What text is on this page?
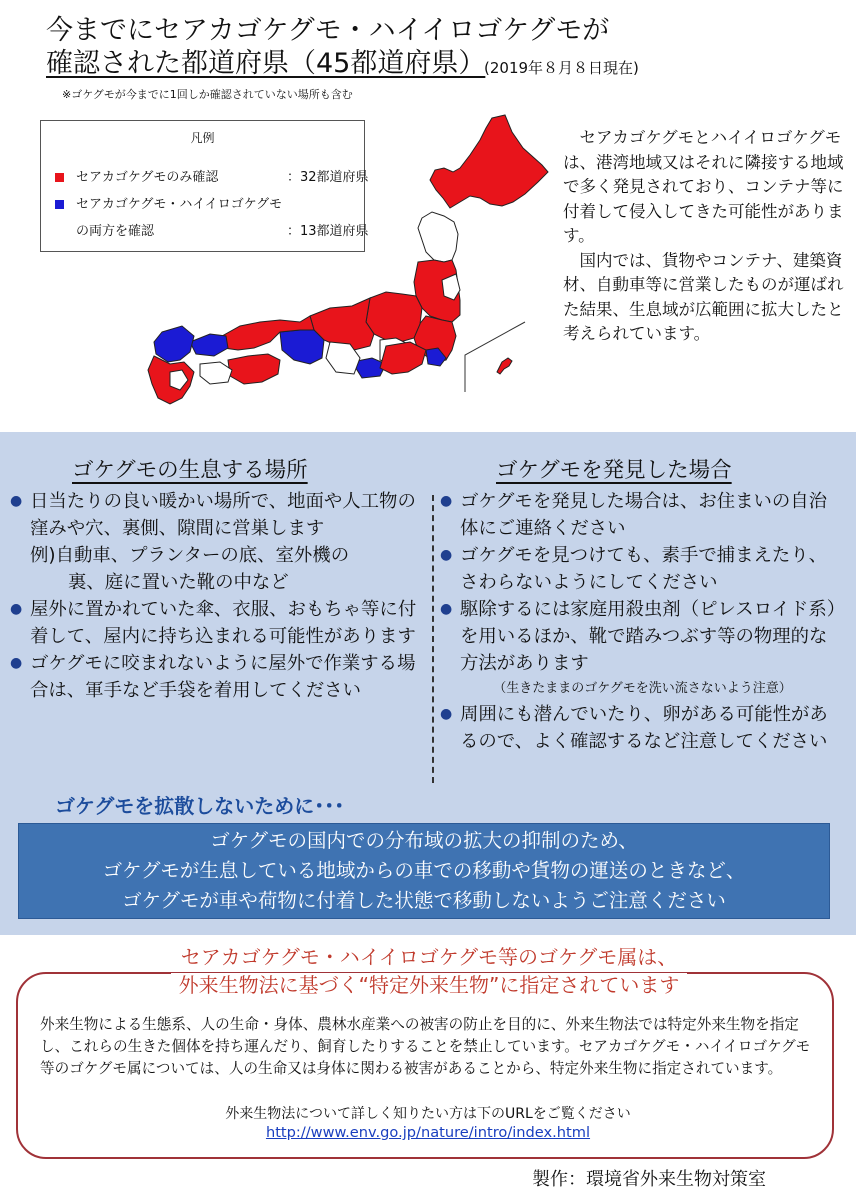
今までにセアカゴケグモ・ハイイロゴケグモが
確認された都道府県（45都道府県）
(2019年８月８日現在)
※ゴケグモが今までに1回しか確認されていない場所も含む
凡例
セアカゴケグモのみ確認	：32都道府県
セアカゴケグモ・ハイイロゴケグモ
の両方を確認	：13都道府県

セアカゴケグモとハイイロゴケグモは、港湾地域又はそれに隣接する地域で多く発見されており、コンテナ等に付着して侵入してきた可能性があります。

国内では、貨物やコンテナ、建築資材、自動車等に営業したものが運ばれた結果、生息域が広範囲に拡大したと考えられています。

ゴケグモの生息する場所	ゴケグモを発見した場合

● 日当たりの良い暖かい場所で、地面や人工物の窪みや穴、裏側、隙間に営巣します

例)自動車、プランターの底、室外機の

裏、庭に置いた靴の中など

● 屋外に置かれていた傘、衣服、おもちゃ等に付着して、屋内に持ち込まれる可能性があります

● ゴケグモに咬まれないように屋外で作業する場合は、軍手など手袋を着用してください

● ゴケグモを発見した場合は、お住まいの自治体にご連絡ください

● ゴケグモを見つけても、素手で捕まえたり、さわらないようにしてください

● 駆除するには家庭用殺虫剤（ピレスロイド系）を用いるほか、靴で踏みつぶす等の物理的な方法があります

（生きたままのゴケグモを洗い流さないよう注意）

● 周囲にも潜んでいたり、卵がある可能性があるので、よく確認するなど注意してください

ゴケグモを拡散しないために･･･
ゴケグモの国内での分布域の拡大の抑制のため、
ゴケグモが生息している地域からの車での移動や貨物の運送のときなど、
ゴケグモが車や荷物に付着した状態で移動しないようご注意ください
セアカゴケグモ・ハイイロゴケグモ等のゴケグモ属は、
外来生物法に基づく“特定外来生物”に指定されています

外来生物による生態系、人の生命・身体、農林水産業への被害の防止を目的に、外来生物法では特定外来生物を指定し、これらの生きた個体を持ち運んだり、飼育したりすることを禁止しています。セアカゴケグモ・ハイイロゴケグモ等のゴケグモ属については、人の生命又は身体に関わる被害があることから、特定外来生物に指定されています。

外来生物法について詳しく知りたい方は下のURLをご覧ください
http://www.env.go.jp/nature/intro/index.html
製作：環境省外来生物対策室
